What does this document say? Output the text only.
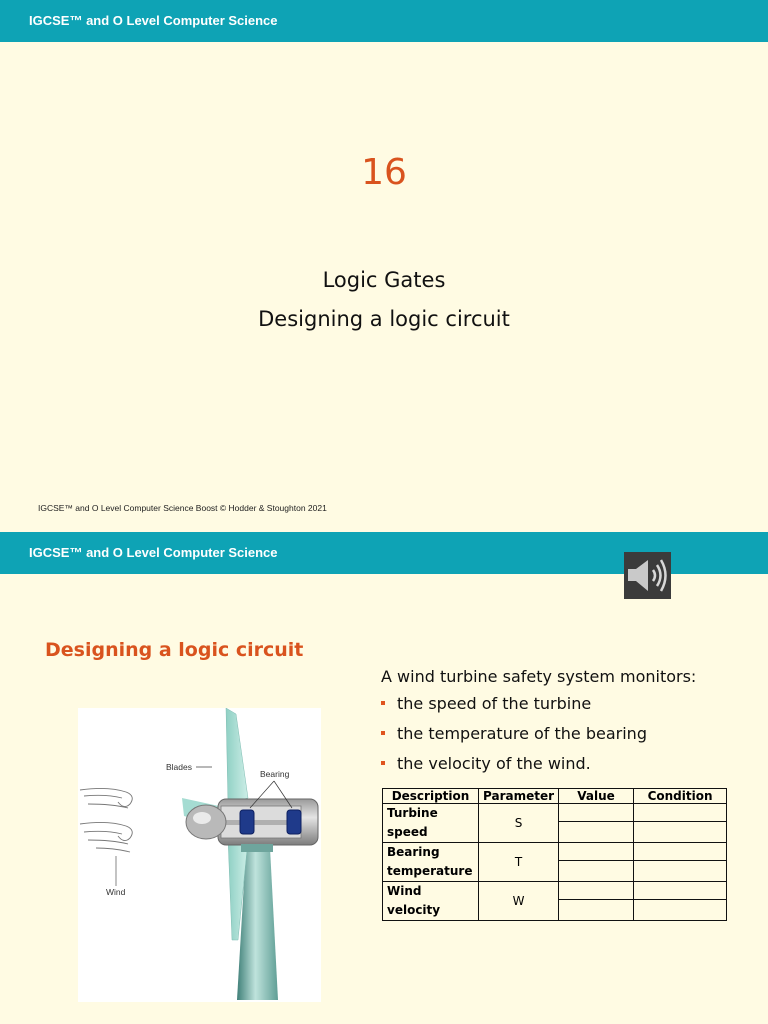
IGCSE™ and O Level Computer Science
16
Logic Gates
Designing a logic circuit
IGCSE™ and O Level Computer Science Boost © Hodder & Stoughton 2021
IGCSE™ and O Level Computer Science
Designing a logic circuit
A wind turbine safety system monitors:
the speed of the turbine
the temperature of the bearing
the velocity of the wind.
Blades
Bearing
Wind
Description	Parameter	Value	Condition
Turbine speed	S	

Bearing temperature	T	

Wind velocity	W	
